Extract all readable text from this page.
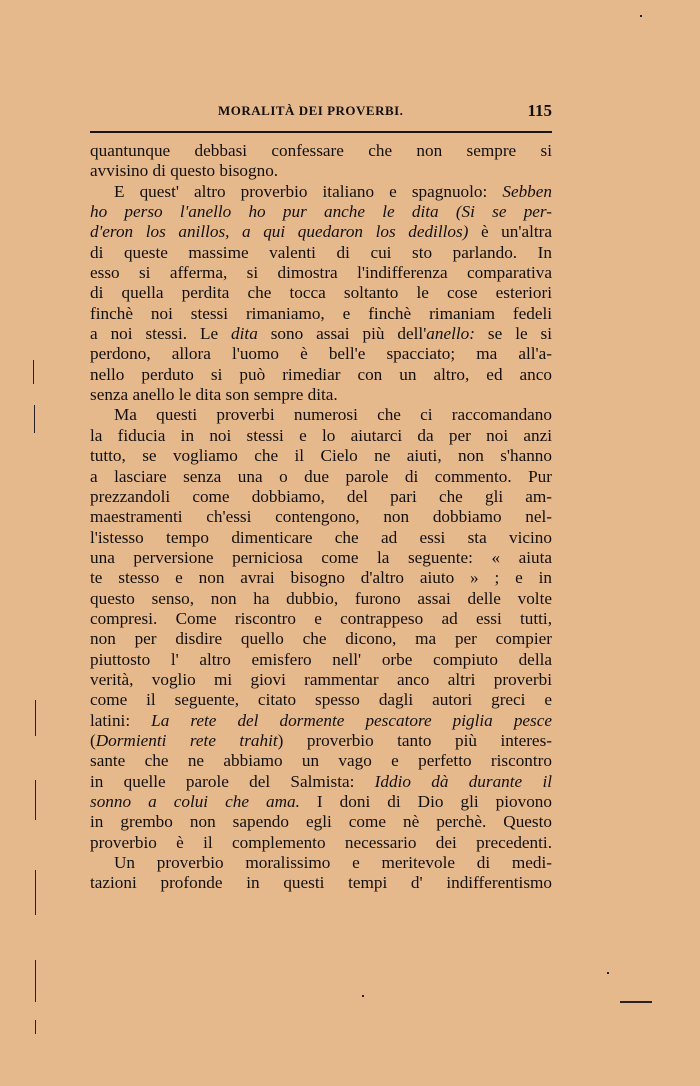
MORALITÀ DEI PROVERBI.	115
quantunque debbasi confessare che non sempre si
avvisino di questo bisogno.
E quest' altro proverbio italiano e spagnuolo: Sebben
ho perso l'anello ho pur anche le dita (Si se per-
d'eron los anillos, a qui quedaron los dedillos) è un'altra
di queste massime valenti di cui sto parlando. In
esso si afferma, si dimostra l'indifferenza comparativa
di quella perdita che tocca soltanto le cose esteriori
finchè noi stessi rimaniamo, e finchè rimaniam fedeli
a noi stessi. Le dita sono assai più dell'anello: se le si
perdono, allora l'uomo è bell'e spacciato; ma all'a-
nello perduto si può rimediar con un altro, ed anco
senza anello le dita son sempre dita.
Ma questi proverbi numerosi che ci raccomandano
la fiducia in noi stessi e lo aiutarci da per noi anzi
tutto, se vogliamo che il Cielo ne aiuti, non s'hanno
a lasciare senza una o due parole di commento. Pur
prezzandoli come dobbiamo, del pari che gli am-
maestramenti ch'essi contengono, non dobbiamo nel-
l'istesso tempo dimenticare che ad essi sta vicino
una perversione perniciosa come la seguente: « aiuta
te stesso e non avrai bisogno d'altro aiuto » ; e in
questo senso, non ha dubbio, furono assai delle volte
compresi. Come riscontro e contrappeso ad essi tutti,
non per disdire quello che dicono, ma per compier
piuttosto l' altro emisfero nell' orbe compiuto della
verità, voglio mi giovi rammentar anco altri proverbi
come il seguente, citato spesso dagli autori greci e
latini: La rete del dormente pescatore piglia pesce
(Dormienti rete trahit) proverbio tanto più interes-
sante che ne abbiamo un vago e perfetto riscontro
in quelle parole del Salmista: Iddio dà durante il
sonno a colui che ama. I doni di Dio gli piovono
in grembo non sapendo egli come nè perchè. Questo
proverbio è il complemento necessario dei precedenti.
Un proverbio moralissimo e meritevole di medi-
tazioni profonde in questi tempi d' indifferentismo
